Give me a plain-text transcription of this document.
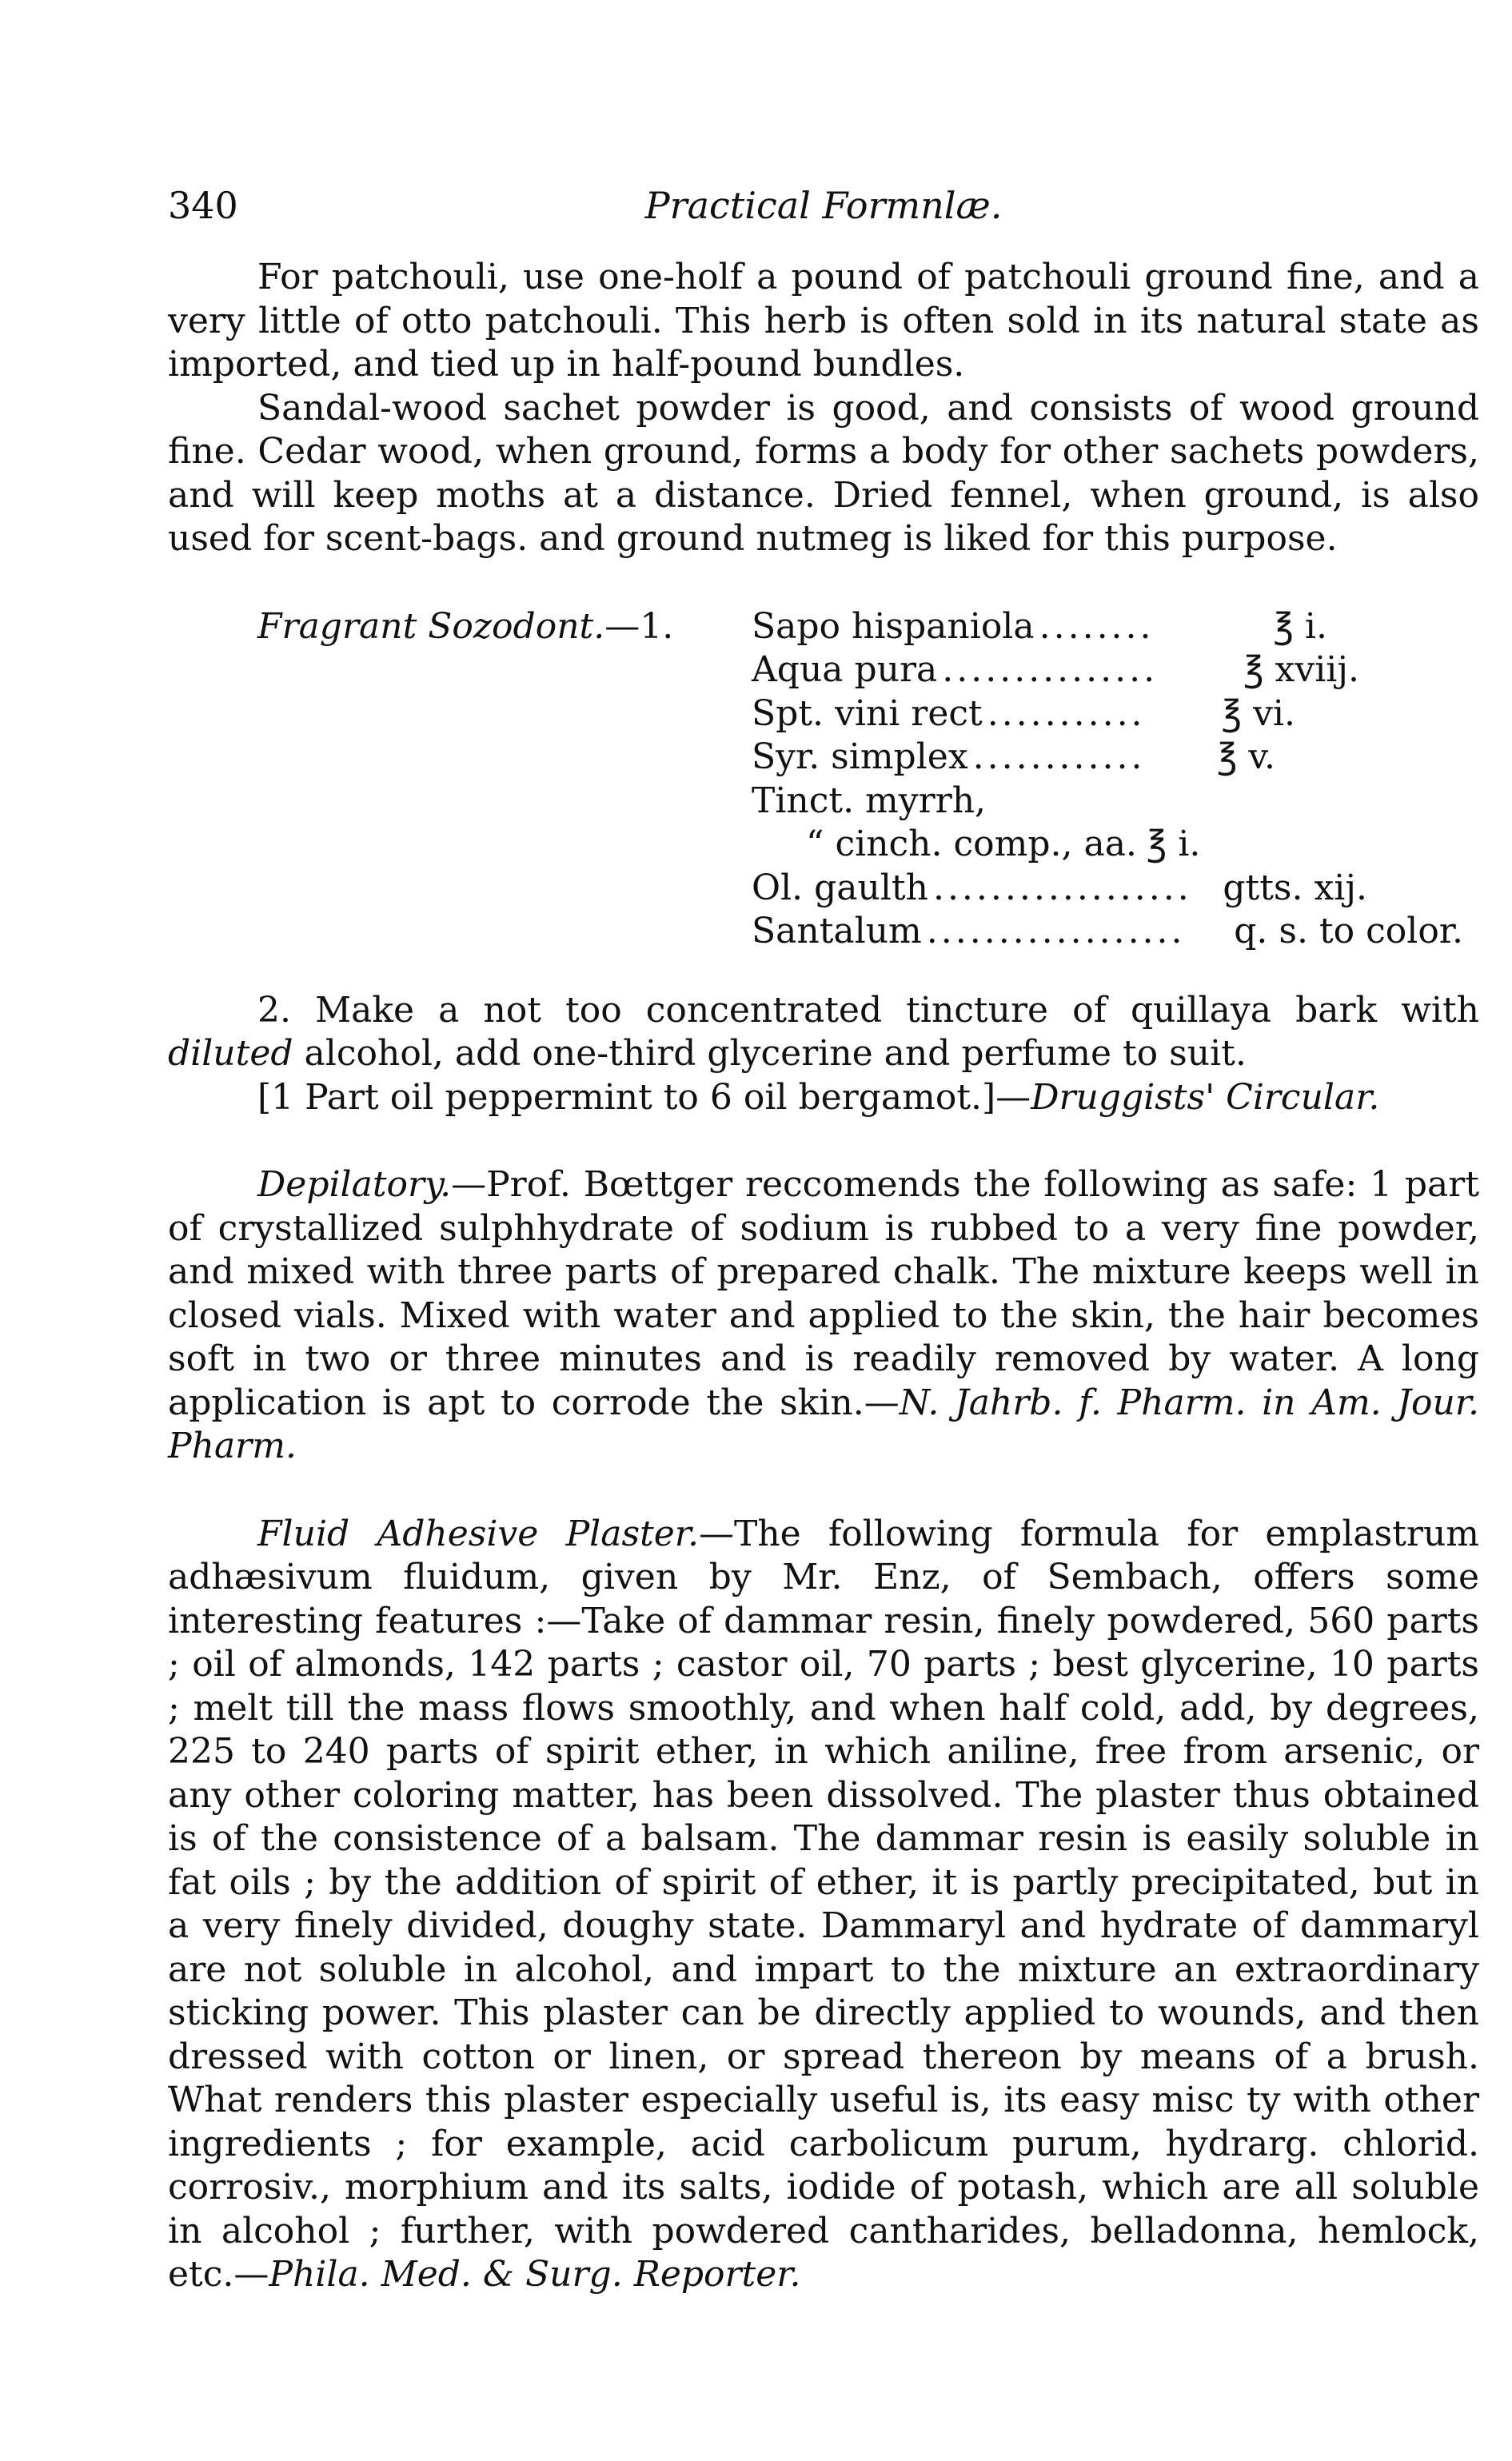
340	Practical Formnlæ.

For patchouli, use one-holf a pound of patchouli ground fine, and a very little of otto patchouli. This herb is often sold in its natural state as imported, and tied up in half-pound bundles.

Sandal-wood sachet powder is good, and consists of wood ground fine. Cedar wood, when ground, forms a body for other sachets powders, and will keep moths at a distance. Dried fennel, when ground, is also used for scent-bags. and ground nutmeg is liked for this purpose.

Fragrant Sozodont.—1. Sapo hispaniola ........	℥ i.
Aqua pura ...............	℥ xviij.
Spt. vini rect ...........	℥ vi.
Syr. simplex ............	℥ v.
Tinct. myrrh,
“ cinch. comp., aa. ℥ i.
Ol. gaulth .................. gtts. xij.
Santalum ..................	q. s. to color.

2. Make a not too concentrated tincture of quillaya bark with diluted alcohol, add one-third glycerine and perfume to suit.

[1 Part oil peppermint to 6 oil bergamot.]—Druggists' Circular.

Depilatory.—Prof. Bœttger reccomends the following as safe: 1 part of crystallized sulphhydrate of sodium is rubbed to a very fine powder, and mixed with three parts of prepared chalk. The mixture keeps well in closed vials. Mixed with water and applied to the skin, the hair becomes soft in two or three minutes and is readily removed by water. A long application is apt to corrode the skin.—N. Jahrb. f. Pharm. in Am. Jour. Pharm.

Fluid Adhesive Plaster.—The following formula for emplastrum adhæsivum fluidum, given by Mr. Enz, of Sembach, offers some interesting features :—Take of dammar resin, finely powdered, 560 parts ; oil of almonds, 142 parts ; castor oil, 70 parts ; best glycerine, 10 parts ; melt till the mass flows smoothly, and when half cold, add, by degrees, 225 to 240 parts of spirit ether, in which aniline, free from arsenic, or any other coloring matter, has been dissolved. The plaster thus obtained is of the consistence of a balsam. The dammar resin is easily soluble in fat oils ; by the addition of spirit of ether, it is partly precipitated, but in a very finely divided, doughy state. Dammaryl and hydrate of dammaryl are not soluble in alcohol, and impart to the mixture an extraordinary sticking power. This plaster can be directly applied to wounds, and then dressed with cotton or linen, or spread thereon by means of a brush. What renders this plaster especially useful is, its easy misc ty with other ingredients ; for example, acid carbolicum purum, hydrarg. chlorid. corrosiv., morphium and its salts, iodide of potash, which are all soluble in alcohol ; further, with powdered cantharides, belladonna, hemlock, etc.—Phila. Med. & Surg. Reporter.
